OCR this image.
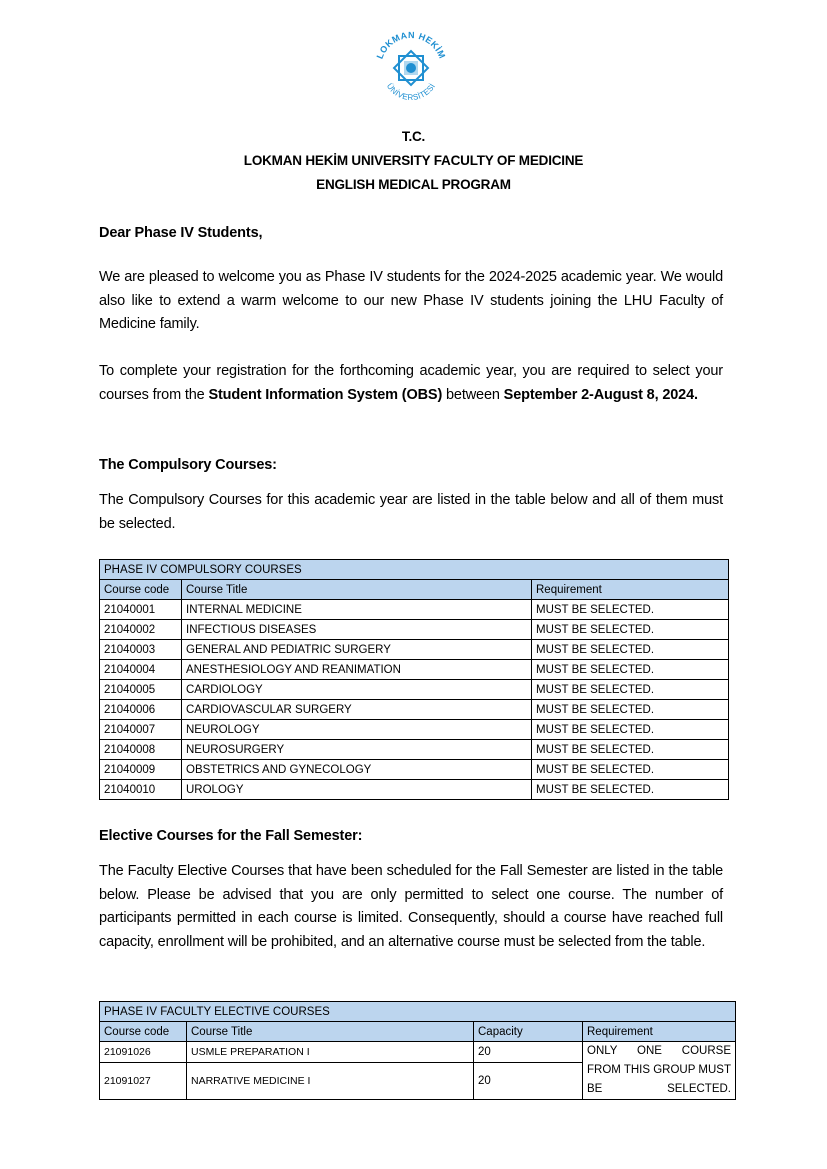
LOKMAN HEKİM
ÜNİVERSİTESİ
T.C.
LOKMAN HEKİM UNIVERSITY FACULTY OF MEDICINE
ENGLISH MEDICAL PROGRAM
Dear Phase IV Students,
We are pleased to welcome you as Phase IV students for the 2024-2025 academic year. We would also like to extend a warm welcome to our new Phase IV students joining the LHU Faculty of Medicine family.
To complete your registration for the forthcoming academic year, you are required to select your courses from the Student Information System (OBS) between September 2-August 8, 2024.
The Compulsory Courses:
The Compulsory Courses for this academic year are listed in the table below and all of them must be selected.
PHASE IV COMPULSORY COURSES		
Course code	Course Title	Requirement
21040001	INTERNAL MEDICINE	MUST BE SELECTED.
21040002	INFECTIOUS DISEASES	MUST BE SELECTED.
21040003	GENERAL AND PEDIATRIC SURGERY	MUST BE SELECTED.
21040004	ANESTHESIOLOGY AND REANIMATION	MUST BE SELECTED.
21040005	CARDIOLOGY	MUST BE SELECTED.
21040006	CARDIOVASCULAR SURGERY	MUST BE SELECTED.
21040007	NEUROLOGY	MUST BE SELECTED.
21040008	NEUROSURGERY	MUST BE SELECTED.
21040009	OBSTETRICS AND GYNECOLOGY	MUST BE SELECTED.
21040010	UROLOGY	MUST BE SELECTED.
Elective Courses for the Fall Semester:
The Faculty Elective Courses that have been scheduled for the Fall Semester are listed in the table below. Please be advised that you are only permitted to select one course. The number of participants permitted in each course is limited. Consequently, should a course have reached full capacity, enrollment will be prohibited, and an alternative course must be selected from the table.
PHASE IV FACULTY ELECTIVE COURSES			
Course code	Course Title	Capacity	Requirement
21091026	USMLE PREPARATION I	20	ONLY ONE COURSE FROM THIS GROUP MUST BE SELECTED.
21091027	NARRATIVE MEDICINE I	20	
